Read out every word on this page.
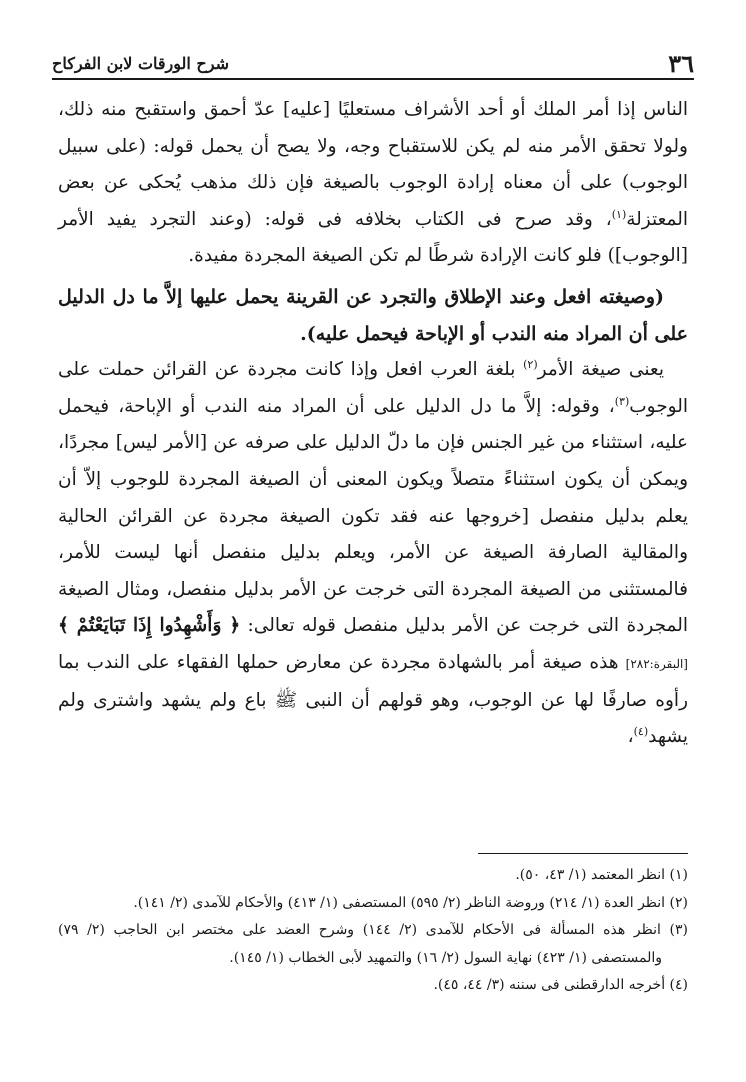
٣٦
شرح الورقات لابن الفركاح

الناس إذا أمر الملك أو أحد الأشراف مستعليًا [عليه] عدّ أحمق واستقبح منه ذلك، ولولا تحقق الأمر منه لم يكن للاستقباح وجه، ولا يصح أن يحمل قوله: (على سبيل الوجوب) على أن معناه إرادة الوجوب بالصيغة فإن ذلك مذهب يُحكى عن بعض المعتزلة$^{(١)}$، وقد صرح فى الكتاب بخلافه فى قوله: (وعند التجرد يفيد الأمر [الوجوب]) فلو كانت الإرادة شرطًا لم تكن الصيغة المجردة مفيدة.

(وصيغته افعل وعند الإطلاق والتجرد عن القرينة يحمل عليها إلاَّ ما دل الدليل على أن المراد منه الندب أو الإباحة فيحمل عليه).

يعنى صيغة الأمر$^{(٢)}$ بلغة العرب افعل وإذا كانت مجردة عن القرائن حملت على الوجوب$^{(٣)}$، وقوله: إلاَّ ما دل الدليل على أن المراد منه الندب أو الإباحة، فيحمل عليه، استثناء من غير الجنس فإن ما دلّ الدليل على صرفه عن [الأمر ليس] مجردًا، ويمكن أن يكون استثناءً متصلاً ويكون المعنى أن الصيغة المجردة للوجوب إلاّ أن يعلم بدليل منفصل [خروجها عنه فقد تكون الصيغة مجردة عن القرائن الحالية والمقالية الصارفة الصيغة عن الأمر، ويعلم بدليل منفصل أنها ليست للأمر، فالمستثنى من الصيغة المجردة التى خرجت عن الأمر بدليل منفصل، ومثال الصيغة المجردة التى خرجت عن الأمر بدليل منفصل قوله تعالى: ﴿ وَأَشْهِدُوا إِذَا تَبَايَعْتُمْ ﴾ [البقرة:٢٨٢] هذه صيغة أمر بالشهادة مجردة عن معارض حملها الفقهاء على الندب بما رأوه صارفًا لها عن الوجوب، وهو قولهم أن النبى ﷺ باع ولم يشهد واشترى ولم يشهد$^{(٤)}$،

(١) انظر المعتمد (١/ ٤٣، ٥٠).

(٢) انظر العدة (١/ ٢١٤) وروضة الناظر (٢/ ٥٩٥) المستصفى (١/ ٤١٣) والأحكام للآمدى (٢/ ١٤١).

(٣) انظر هذه المسألة فى الأحكام للآمدى (٢/ ١٤٤) وشرح العضد على مختصر ابن الحاجب (٢/ ٧٩) والمستصفى (١/ ٤٢٣) نهاية السول (٢/ ١٦) والتمهيد لأبى الخطاب (١/ ١٤٥).

(٤) أخرجه الدارقطنى فى سننه (٣/ ٤٤، ٤٥).
